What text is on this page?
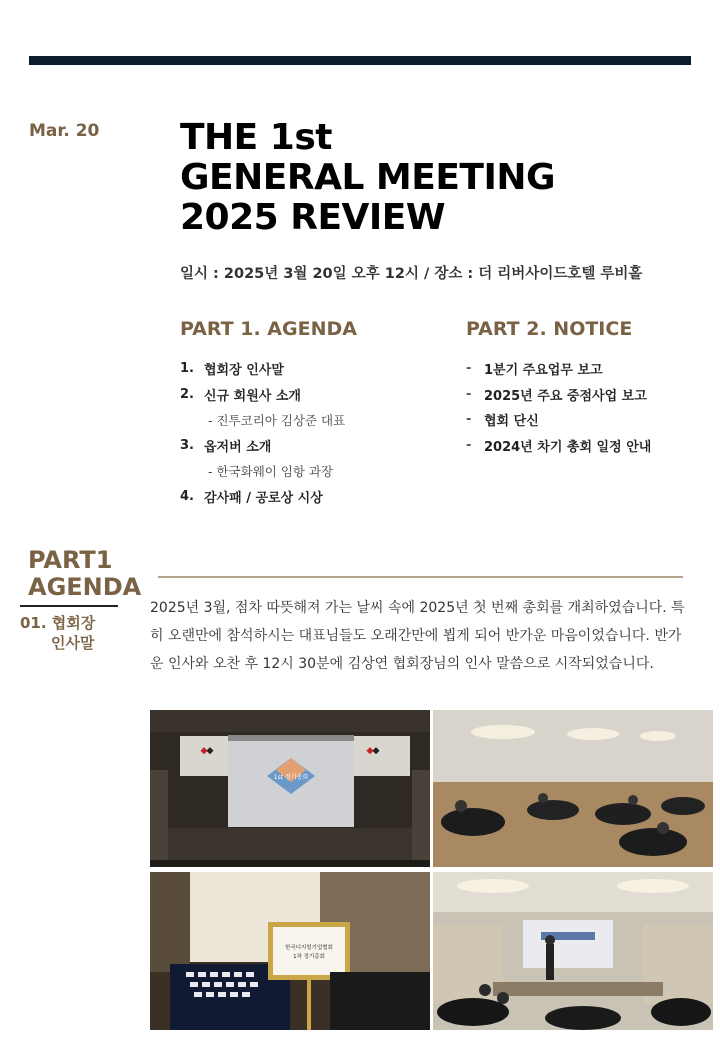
Mar. 20 THE 1st
GENERAL MEETING
2025 REVIEW
일시 : 2025년 3월 20일 오후 12시 / 장소 : 더 리버사이드호텔 루비홀
PART 1. AGENDA	PART 2. NOTICE
1. 협회장 인사말
2. 신규 회원사 소개
- 진투코리아 김상준 대표
3. 옵저버 소개
- 한국화웨이 임항 과장
4. 감사패 / 공로상 시상
- 1분기 주요업무 보고
- 2025년 주요 중점사업 보고
- 협회 단신
- 2024년 차기 총회 일정 안내
PART1
AGENDA
01. 협회장
인사말
2025년 3월, 점차 따뜻해져 가는 날씨 속에 2025년 첫 번째 총회를 개최하였습니다. 특히 오랜만에 참석하시는 대표님들도 오래간만에 뵙게 되어 반가운 마음이었습니다. 반가운 인사와 오찬 후 12시 30분에 김상연 협회장님의 인사 말씀으로 시작되었습니다.
1st 정기총회
한국디지털기업협회
1차 정기총회
